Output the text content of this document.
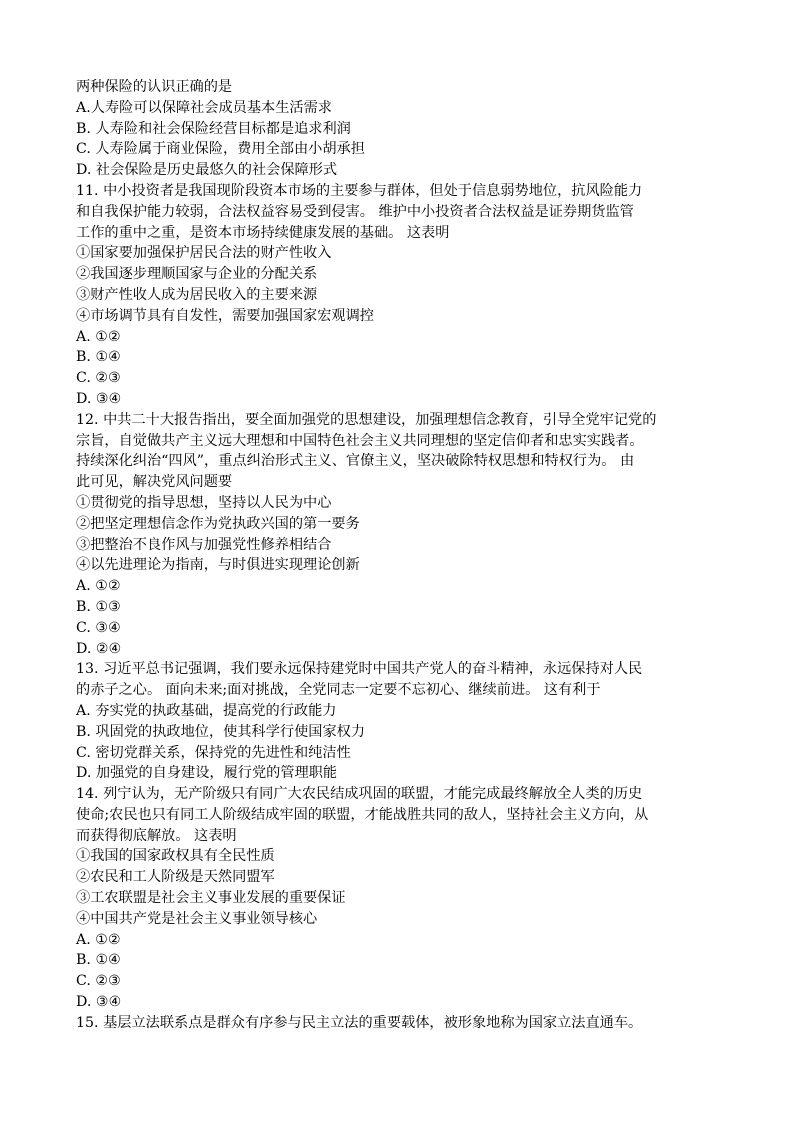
两种保险的认识正确的是
A.人寿险可以保障社会成员基本生活需求
B. 人寿险和社会保险经营目标都是追求利润
C. 人寿险属于商业保险，费用全部由小胡承担
D. 社会保险是历史最悠久的社会保障形式
11. 中小投资者是我国现阶段资本市场的主要参与群体，但处于信息弱势地位，抗风险能力
和自我保护能力较弱，合法权益容易受到侵害。 维护中小投资者合法权益是证券期货监管
工作的重中之重，是资本市场持续健康发展的基础。 这表明
①国家要加强保护居民合法的财产性收入
②我国逐步理顺国家与企业的分配关系
③财产性收人成为居民收入的主要来源
④市场调节具有自发性，需要加强国家宏观调控
A. ①②
B. ①④
C. ②③
D. ③④
12. 中共二十大报告指出，要全面加强党的思想建设，加强理想信念教育，引导全党牢记党的
宗旨，自觉做共产主义远大理想和中国特色社会主义共同理想的坚定信仰者和忠实实践者。
持续深化纠治“四风”，重点纠治形式主义、官僚主义，坚决破除特权思想和特权行为。 由
此可见，解决党风问题要
①贯彻党的指导思想，坚持以人民为中心
②把坚定理想信念作为党执政兴国的第一要务
③把整治不良作风与加强党性修养相结合
④以先进理论为指南，与时俱进实现理论创新
A. ①②
B. ①③
C. ③④
D. ②④
13. 习近平总书记强调，我们要永远保持建党时中国共产党人的奋斗精神，永远保持对人民
的赤子之心。 面向未来;面对挑战，全党同志一定要不忘初心、继续前进。 这有利于
A. 夯实党的执政基础，提高党的行政能力
B. 巩固党的执政地位，使其科学行使国家权力
C. 密切党群关系，保持党的先进性和纯洁性
D. 加强党的自身建设，履行党的管理职能
14. 列宁认为，无产阶级只有同广大农民结成巩固的联盟，才能完成最终解放全人类的历史
使命;农民也只有同工人阶级结成牢固的联盟，才能战胜共同的敌人，坚持社会主义方向，从
而获得彻底解放。 这表明
①我国的国家政权具有全民性质
②农民和工人阶级是天然同盟军
③工农联盟是社会主义事业发展的重要保证
④中国共产党是社会主义事业领导核心
A. ①②
B. ①④
C. ②③
D. ③④
15. 基层立法联系点是群众有序参与民主立法的重要载体，被形象地称为国家立法直通车。
